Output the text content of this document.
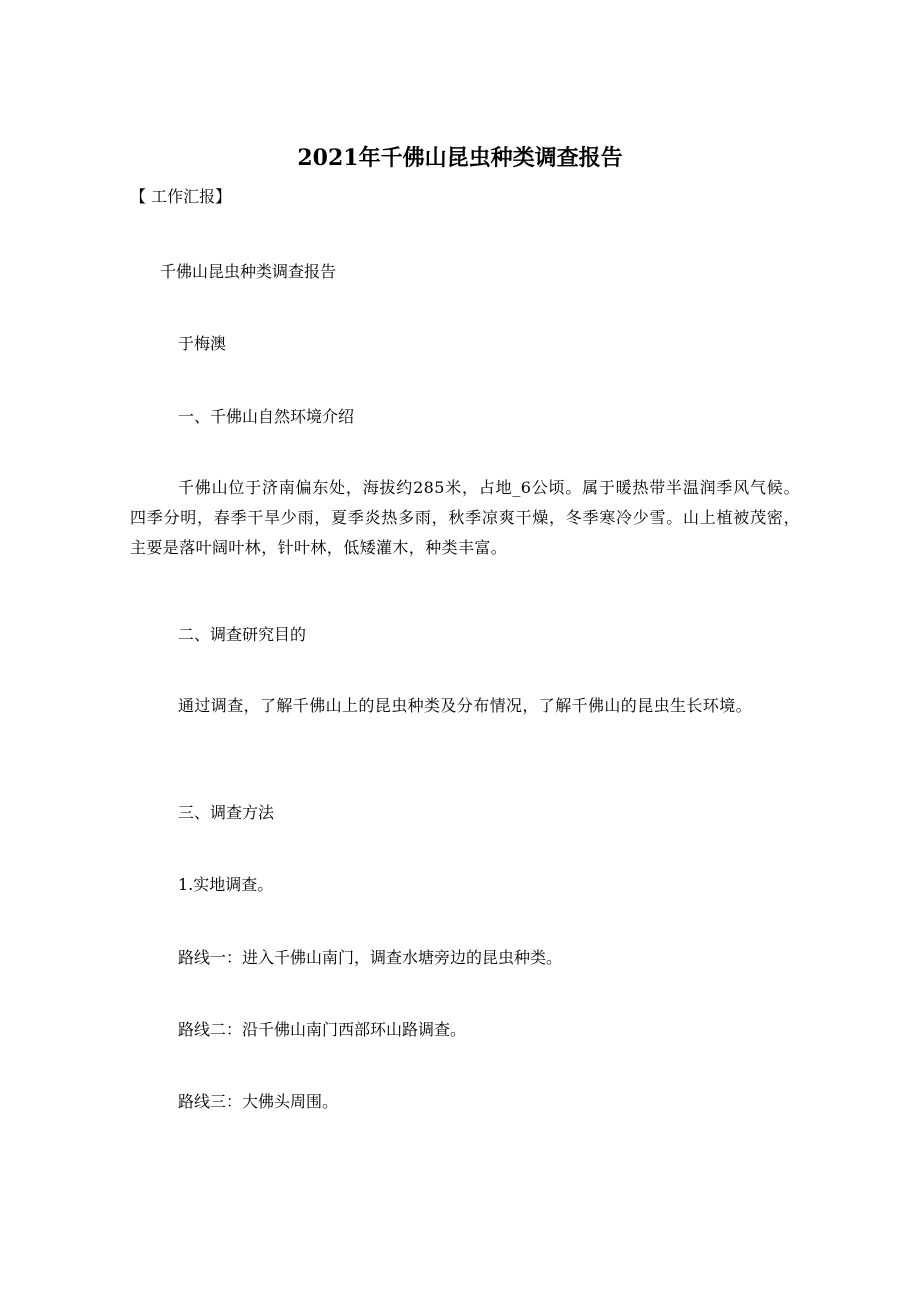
2021年千佛山昆虫种类调查报告

【 工作汇报】

千佛山昆虫种类调查报告

于梅澳

一、千佛山自然环境介绍

千佛山位于济南偏东处，海拔约285米，占地_6公顷。属于暖热带半温润季风气候。四季分明，春季干旱少雨，夏季炎热多雨，秋季凉爽干燥，冬季寒冷少雪。山上植被茂密，主要是落叶阔叶林，针叶林，低矮灌木，种类丰富。

二、调查研究目的

通过调查，了解千佛山上的昆虫种类及分布情况，了解千佛山的昆虫生长环境。

三、调查方法

1.实地调查。

路线一：进入千佛山南门，调查水塘旁边的昆虫种类。

路线二：沿千佛山南门西部环山路调查。

路线三：大佛头周围。
